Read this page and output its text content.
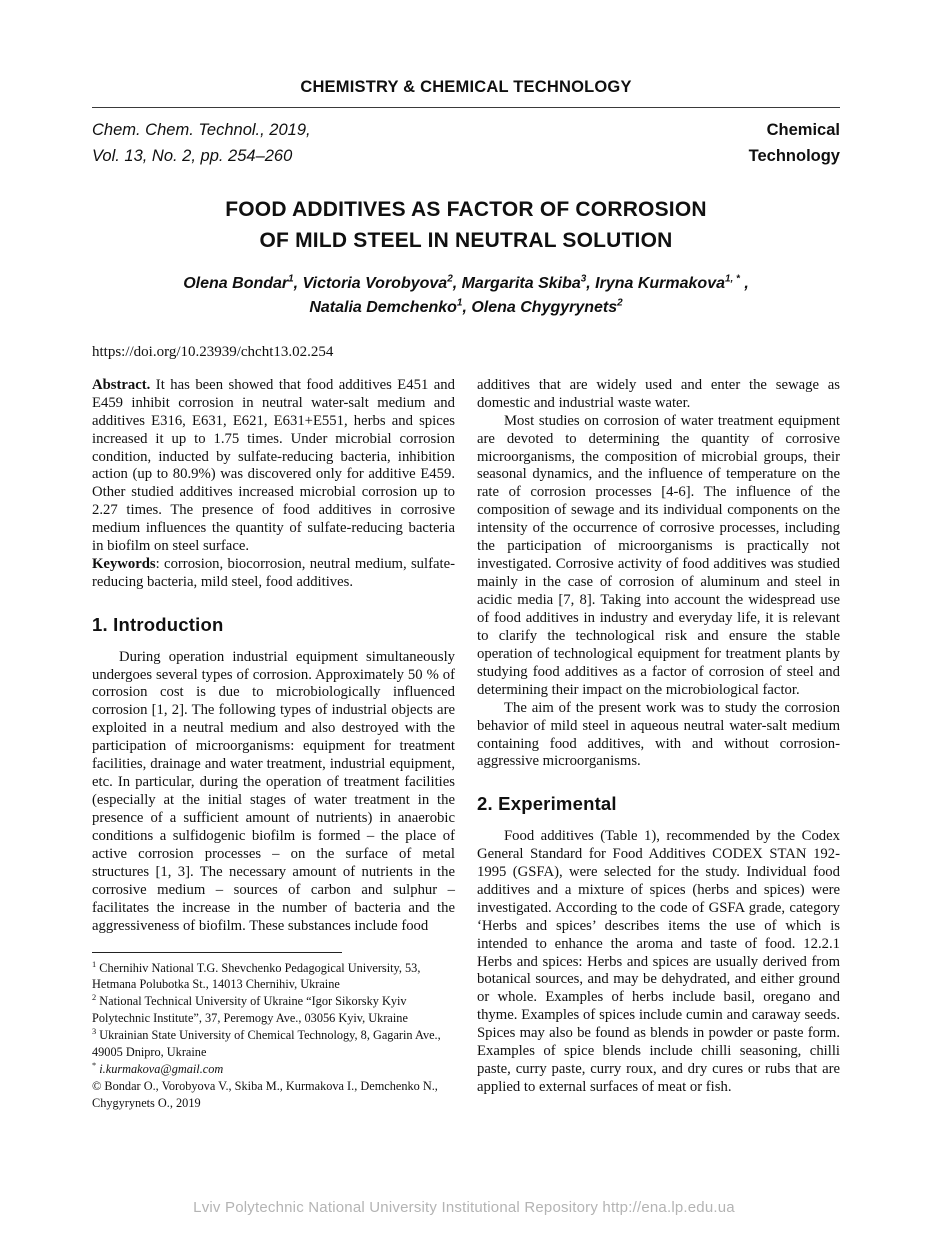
CHEMISTRY & CHEMICAL TECHNOLOGY
Chem. Chem. Technol., 2019,
Vol. 13, No. 2, pp. 254–260
Chemical
Technology
FOOD ADDITIVES AS FACTOR OF CORROSION
OF MILD STEEL IN NEUTRAL SOLUTION
Olena Bondar$^1$, Victoria Vorobyova$^2$, Margarita Skiba$^3$, Iryna Kurmakova$^{1, *}$ ,
Natalia Demchenko$^1$, Olena Chygyrynets$^2$
https://doi.org/10.23939/chcht13.02.254

Abstract. It has been showed that food additives E451 and E459 inhibit corrosion in neutral water-salt medium and additives E316, E631, E621, E631+E551, herbs and spices increased it up to 1.75 times. Under microbial corrosion condition, inducted by sulfate-reducing bacteria, inhibition action (up to 80.9%) was discovered only for additive E459. Other studied additives increased microbial corrosion up to 2.27 times. The presence of food additives in corrosive medium influences the quantity of sulfate-reducing bacteria in biofilm on steel surface.

Keywords: corrosion, biocorrosion, neutral medium, sulfate-reducing bacteria, mild steel, food additives.

1. Introduction

During operation industrial equipment simultaneously undergoes several types of corrosion. Approximately 50 % of corrosion cost is due to microbiologically influenced corrosion [1, 2]. The following types of industrial objects are exploited in a neutral medium and also destroyed with the participation of microorganisms: equipment for treatment facilities, drainage and water treatment, industrial equipment, etc. In particular, during the operation of treatment facilities (especially at the initial stages of water treatment in the presence of a sufficient amount of nutrients) in anaerobic conditions a sulfidogenic biofilm is formed – the place of active corrosion processes – on the surface of metal structures [1, 3]. The necessary amount of nutrients in the corrosive medium – sources of carbon and sulphur – facilitates the increase in the number of bacteria and the aggressiveness of biofilm. These substances include food

$^1$ Chernihiv National T.G. Shevchenko Pedagogical University, 53, Hetmana Polubotka St., 14013 Chernihiv, Ukraine
$^2$ National Technical University of Ukraine “Igor Sikorsky Kyiv Polytechnic Institute”, 37, Peremogy Ave., 03056 Kyiv, Ukraine
$^3$ Ukrainian State University of Chemical Technology, 8, Gagarin Ave., 49005 Dnipro, Ukraine
* i.kurmakova@gmail.com
© Bondar O., Vorobyova V., Skiba M., Kurmakova I., Demchenko N., Chygyrynets O., 2019

additives that are widely used and enter the sewage as domestic and industrial waste water.

Most studies on corrosion of water treatment equipment are devoted to determining the quantity of corrosive microorganisms, the composition of microbial groups, their seasonal dynamics, and the influence of temperature on the rate of corrosion processes [4-6]. The influence of the composition of sewage and its individual components on the intensity of the occurrence of corrosive processes, including the participation of microorganisms is practically not investigated. Corrosive activity of food additives was studied mainly in the case of corrosion of aluminum and steel in acidic media [7, 8]. Taking into account the widespread use of food additives in industry and everyday life, it is relevant to clarify the technological risk and ensure the stable operation of technological equipment for treatment plants by studying food additives as a factor of corrosion of steel and determining their impact on the microbiological factor.

The aim of the present work was to study the corrosion behavior of mild steel in aqueous neutral water-salt medium containing food additives, with and without corrosion-aggressive microorganisms.

2. Experimental

Food additives (Table 1), recommended by the Codex General Standard for Food Additives CODEX STAN 192-1995 (GSFA), were selected for the study. Individual food additives and a mixture of spices (herbs and spices) were investigated. According to the code of GSFA grade, category ‘Herbs and spices’ describes items the use of which is intended to enhance the aroma and taste of food. 12.2.1 Herbs and spices: Herbs and spices are usually derived from botanical sources, and may be dehydrated, and either ground or whole. Examples of herbs include basil, oregano and thyme. Examples of spices include cumin and caraway seeds. Spices may also be found as blends in powder or paste form. Examples of spice blends include chilli seasoning, chilli paste, curry paste, curry roux, and dry cures or rubs that are applied to external surfaces of meat or fish.

Lviv Polytechnic National University Institutional Repository http://ena.lp.edu.ua
